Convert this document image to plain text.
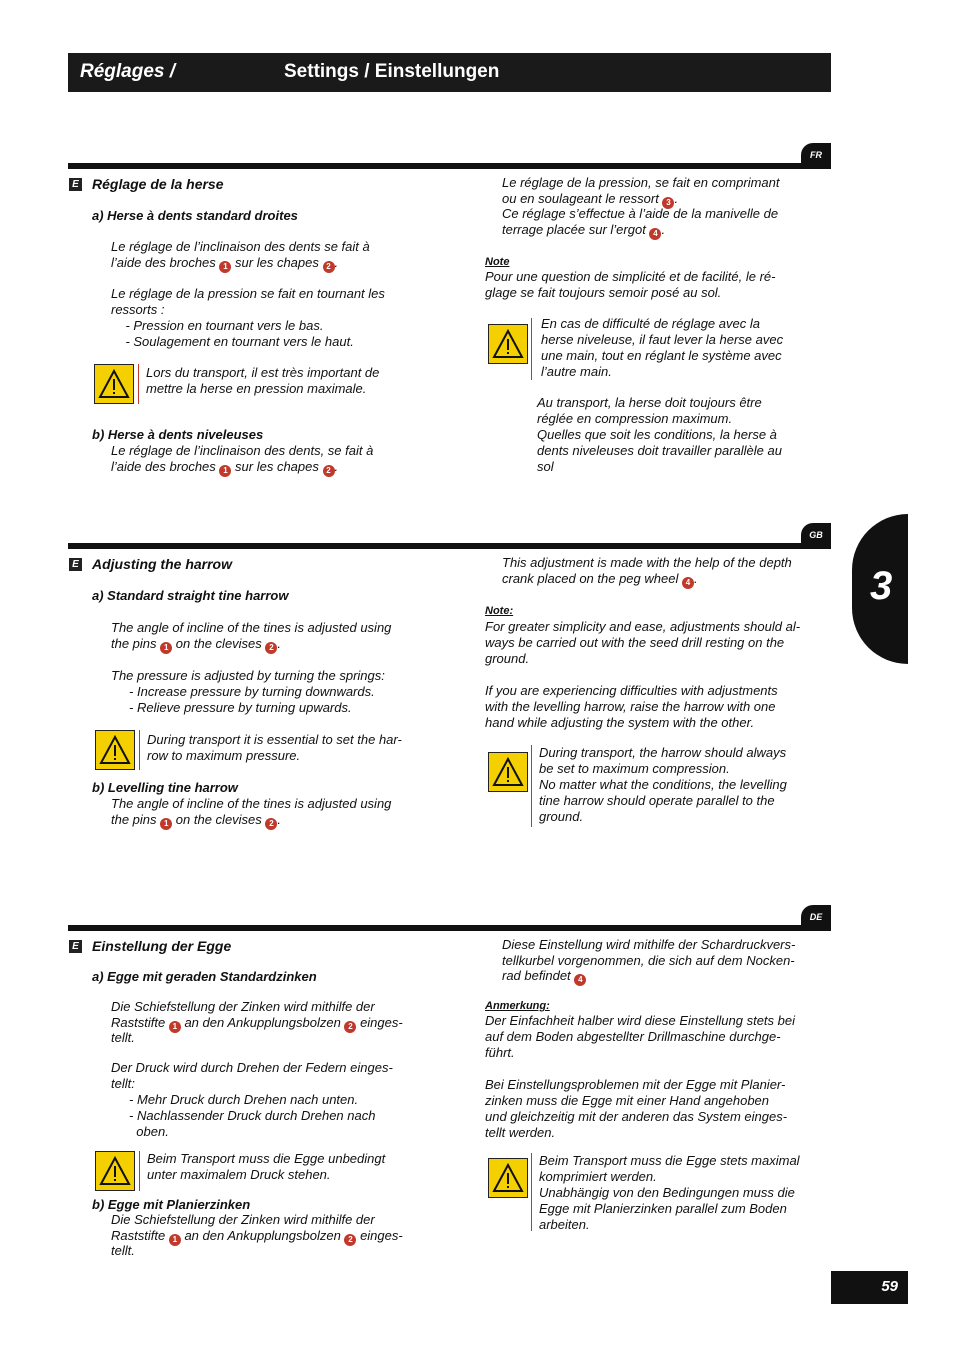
Réglages /	Settings / Einstellungen
3
FR
E Réglage de la herse
a) Herse à dents standard droites
Le réglage de l’inclinaison des dents se fait à
l’aide des broches 1 sur les chapes 2 .
Le réglage de la pression se fait en tournant les
ressorts :
- Pression en tournant vers le bas.
- Soulagement en tournant vers le haut.
Lors du transport, il est très important de
mettre la herse en pression maximale.
b) Herse à dents niveleuses
Le réglage de l’inclinaison des dents, se fait à
l’aide des broches 1 sur les chapes 2 .
Le réglage de la pression, se fait en comprimant
ou en soulageant le ressort 3 .
Ce réglage s’effectue à l’aide de la manivelle de
terrage placée sur l’ergot 4 .
Note
Pour une question de simplicité et de facilité, le ré-
glage se fait toujours semoir posé au sol.
En cas de difficulté de réglage avec la
herse niveleuse, il faut lever la herse avec
une main, tout en réglant le système avec
l’autre main.
Au transport, la herse doit toujours être
réglée en compression maximum.
Quelles que soit les conditions, la herse à
dents niveleuses doit travailler parallèle au
sol
GB
E Adjusting the harrow
a) Standard straight tine harrow
The angle of incline of the tines is adjusted using
the pins 1 on the clevises 2 .
The pressure is adjusted by turning the springs:
- Increase pressure by turning downwards.
- Relieve pressure by turning upwards.
During transport it is essential to set the har-
row to maximum pressure.
b) Levelling tine harrow
The angle of incline of the tines is adjusted using
the pins 1 on the clevises 2 .
This adjustment is made with the help of the depth
crank placed on the peg wheel 4 .
Note:
For greater simplicity and ease, adjustments should al-
ways be carried out with the seed drill resting on the
ground.

If you are experiencing difficulties with adjustments
with the levelling harrow, raise the harrow with one
hand while adjusting the system with the other.
During transport, the harrow should always
be set to maximum compression.
No matter what the conditions, the levelling
tine harrow should operate parallel to the
ground.
DE
E Einstellung der Egge
a) Egge mit geraden Standardzinken
Die Schiefstellung der Zinken wird mithilfe der
Raststifte 1 an den Ankupplungsbolzen 2 einges-
tellt.
Der Druck wird durch Drehen der Federn einges-
tellt:
- Mehr Druck durch Drehen nach unten.
- Nachlassender Druck durch Drehen nach
oben.
Beim Transport muss die Egge unbedingt
unter maximalem Druck stehen.
b) Egge mit Planierzinken
Die Schiefstellung der Zinken wird mithilfe der
Raststifte 1 an den Ankupplungsbolzen 2 einges-
tellt.
Diese Einstellung wird mithilfe der Schardruckvers-
tellkurbel vorgenommen, die sich auf dem Nocken-
rad befindet 4
Anmerkung:
Der Einfachheit halber wird diese Einstellung stets bei
auf dem Boden abgestellter Drillmaschine durchge-
führt.

Bei Einstellungsproblemen mit der Egge mit Planier-
zinken muss die Egge mit einer Hand angehoben
und gleichzeitig mit der anderen das System einges-
tellt werden.
Beim Transport muss die Egge stets maximal
komprimiert werden.
Unabhängig von den Bedingungen muss die
Egge mit Planierzinken parallel zum Boden
arbeiten.
59
